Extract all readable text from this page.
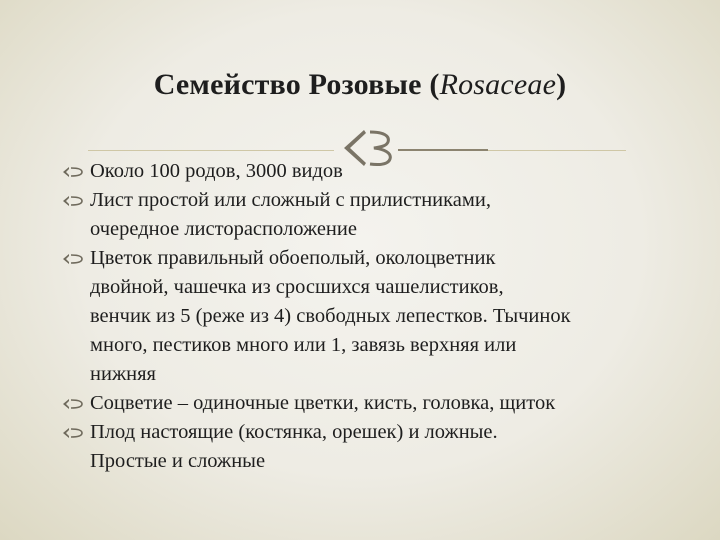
Семейство Розовые (Rosaceae)
Около 100 родов, 3000 видов
Лист простой или сложный с прилистниками,
очередное листорасположение
Цветок правильный обоеполый, околоцветник
двойной, чашечка из сросшихся чашелистиков,
венчик из 5 (реже из 4) свободных лепестков. Тычинок
много, пестиков много или 1, завязь верхняя или
нижняя
Соцветие – одиночные цветки, кисть, головка, щиток
Плод настоящие (костянка, орешек) и ложные.
Простые и сложные
